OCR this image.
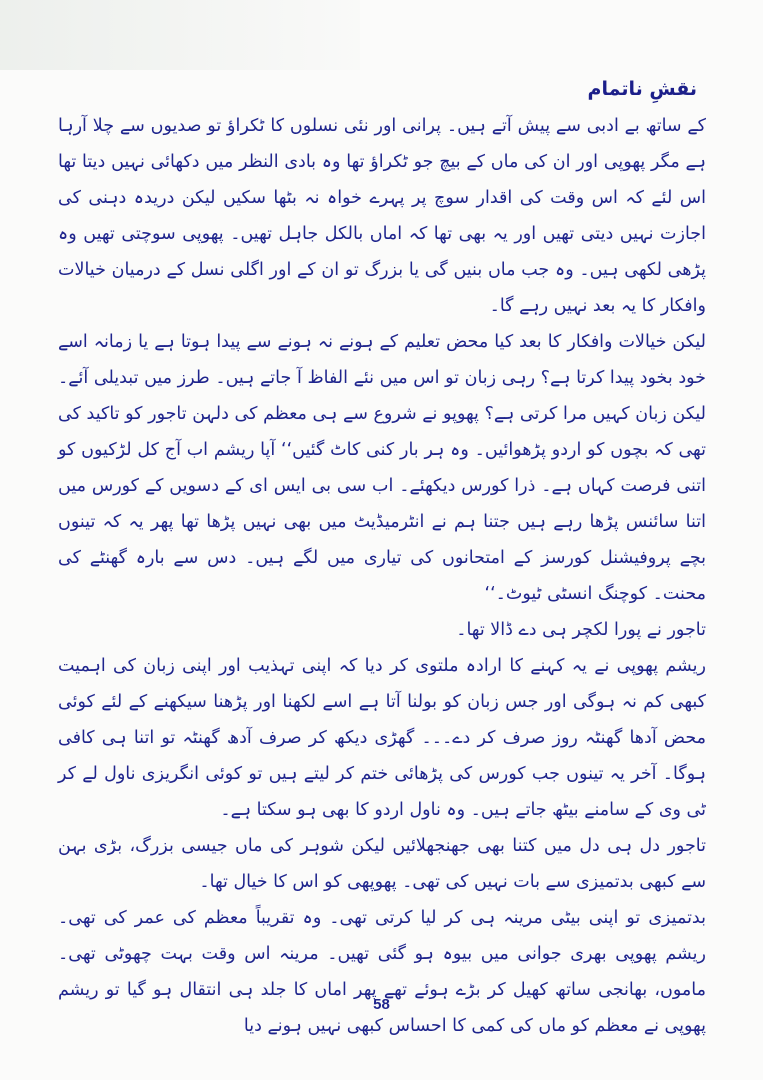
نقشِ ناتمام

کے ساتھ بے ادبی سے پیش آتے ہیں۔ پرانی اور نئی نسلوں کا ٹکراؤ تو صدیوں سے چلا آرہا ہے مگر پھوپی اور ان کی ماں کے بیچ جو ٹکراؤ تھا وہ بادی النظر میں دکھائی نہیں دیتا تھا اس لئے کہ اس وقت کی اقدار سوچ پر پہرے خواہ نہ بٹھا سکیں لیکن دریدہ دہنی کی اجازت نہیں دیتی تھیں اور یہ بھی تھا کہ اماں بالکل جاہل تھیں۔ پھوپی سوچتی تھیں وہ پڑھی لکھی ہیں۔ وہ جب ماں بنیں گی یا بزرگ تو ان کے اور اگلی نسل کے درمیان خیالات وافکار کا یہ بعد نہیں رہے گا۔

لیکن خیالات وافکار کا بعد کیا محض تعلیم کے ہونے نہ ہونے سے پیدا ہوتا ہے یا زمانہ اسے خود بخود پیدا کرتا ہے؟ رہی زبان تو اس میں نئے الفاظ آ جاتے ہیں۔ طرز میں تبدیلی آئے۔ لیکن زبان کہیں مرا کرتی ہے؟ پھوپو نے شروع سے ہی معظم کی دلہن تاجور کو تاکید کی تھی کہ بچوں کو اردو پڑھوائیں۔ وہ ہر بار کنی کاٹ گئیں‘‘ آپا ریشم اب آج کل لڑکیوں کو اتنی فرصت کہاں ہے۔ ذرا کورس دیکھئے۔ اب سی بی ایس ای کے دسویں کے کورس میں اتنا سائنس پڑھا رہے ہیں جتنا ہم نے انٹرمیڈیٹ میں بھی نہیں پڑھا تھا پھر یہ کہ تینوں بچے پروفیشنل کورسز کے امتحانوں کی تیاری میں لگے ہیں۔ دس سے بارہ گھنٹے کی محنت۔ کوچنگ انسٹی ٹیوٹ۔‘‘

تاجور نے پورا لکچر ہی دے ڈالا تھا۔

ریشم پھوپی نے یہ کہنے کا ارادہ ملتوی کر دیا کہ اپنی تہذیب اور اپنی زبان کی اہمیت کبھی کم نہ ہوگی اور جس زبان کو بولنا آتا ہے اسے لکھنا اور پڑھنا سیکھنے کے لئے کوئی محض آدھا گھنٹہ روز صرف کر دے۔۔۔ گھڑی دیکھ کر صرف آدھ گھنٹہ تو اتنا ہی کافی ہوگا۔ آخر یہ تینوں جب کورس کی پڑھائی ختم کر لیتے ہیں تو کوئی انگریزی ناول لے کر ٹی وی کے سامنے بیٹھ جاتے ہیں۔ وہ ناول اردو کا بھی ہو سکتا ہے۔

تاجور دل ہی دل میں کتنا بھی جھنجھلائیں لیکن شوہر کی ماں جیسی بزرگ، بڑی بہن سے کبھی بدتمیزی سے بات نہیں کی تھی۔ پھوپھی کو اس کا خیال تھا۔

بدتمیزی تو اپنی بیٹی مرینہ ہی کر لیا کرتی تھی۔ وہ تقریباً معظم کی عمر کی تھی۔ ریشم پھوپی بھری جوانی میں بیوہ ہو گئی تھیں۔ مرینہ اس وقت بہت چھوٹی تھی۔ ماموں، بھانجی ساتھ کھیل کر بڑے ہوئے تھے پھر اماں کا جلد ہی انتقال ہو گیا تو ریشم پھوپی نے معظم کو ماں کی کمی کا احساس کبھی نہیں ہونے دیا

58
